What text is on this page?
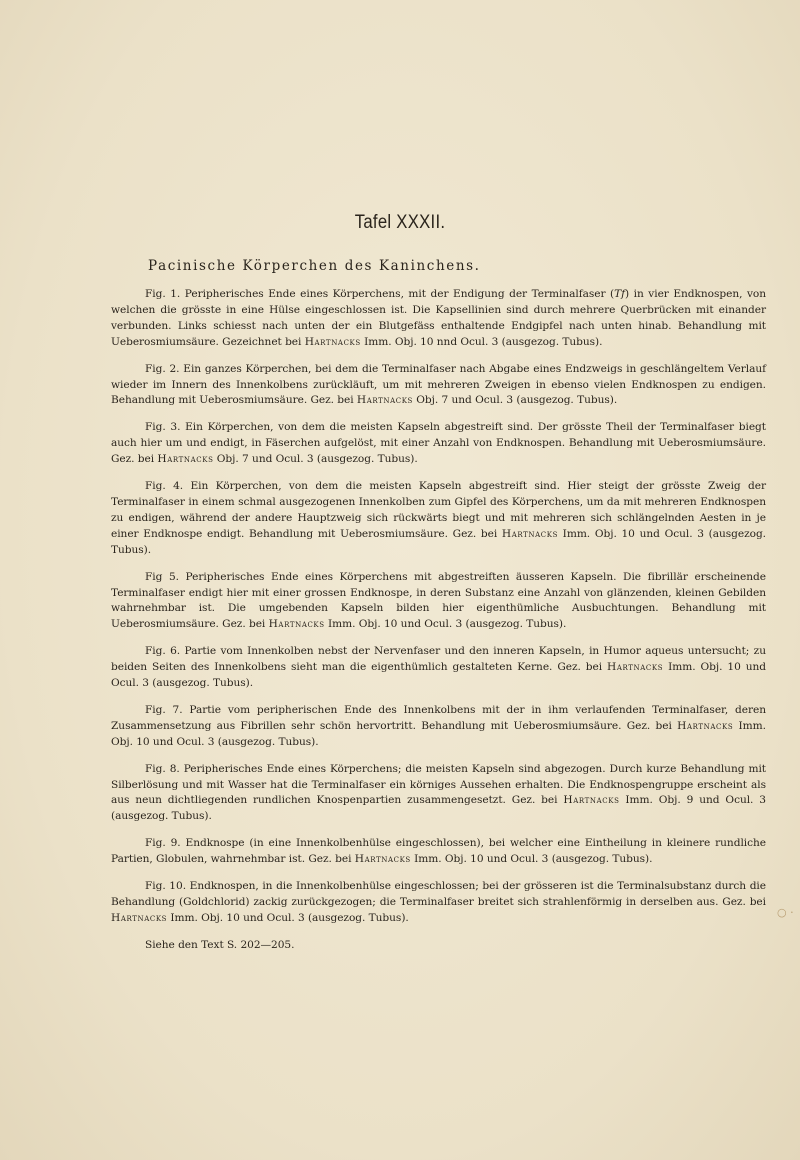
Tafel XXXII.
Pacinische Körperchen des Kaninchens.

Fig. 1. Peripherisches Ende eines Körperchens, mit der Endigung der Terminalfaser (Tf) in vier Endknospen, von welchen die grösste in eine Hülse eingeschlossen ist. Die Kapsellinien sind durch mehrere Querbrücken mit einander verbunden. Links schiesst nach unten der ein Blutgefäss enthaltende Endgipfel nach unten hinab. Behandlung mit Ueberosmiumsäure. Gezeichnet bei Hartnacks Imm. Obj. 10 nnd Ocul. 3 (ausgezog. Tubus).

Fig. 2. Ein ganzes Körperchen, bei dem die Terminalfaser nach Abgabe eines Endzweigs in geschlängeltem Verlauf wieder im Innern des Innenkolbens zurückläuft, um mit mehreren Zweigen in ebenso vielen Endknospen zu endigen. Behandlung mit Ueberosmiumsäure. Gez. bei Hartnacks Obj. 7 und Ocul. 3 (ausgezog. Tubus).

Fig. 3. Ein Körperchen, von dem die meisten Kapseln abgestreift sind. Der grösste Theil der Terminalfaser biegt auch hier um und endigt, in Fäserchen aufgelöst, mit einer Anzahl von Endknospen. Behandlung mit Ueberosmiumsäure. Gez. bei Hartnacks Obj. 7 und Ocul. 3 (ausgezog. Tubus).

Fig. 4. Ein Körperchen, von dem die meisten Kapseln abgestreift sind. Hier steigt der grösste Zweig der Terminalfaser in einem schmal ausgezogenen Innenkolben zum Gipfel des Körperchens, um da mit mehreren Endknospen zu endigen, während der andere Hauptzweig sich rückwärts biegt und mit mehreren sich schlängelnden Aesten in je einer Endknospe endigt. Behandlung mit Ueberosmiumsäure. Gez. bei Hartnacks Imm. Obj. 10 und Ocul. 3 (ausgezog. Tubus).

Fig 5. Peripherisches Ende eines Körperchens mit abgestreiften äusseren Kapseln. Die fibrillär erscheinende Terminalfaser endigt hier mit einer grossen Endknospe, in deren Substanz eine Anzahl von glänzenden, kleinen Gebilden wahrnehmbar ist. Die umgebenden Kapseln bilden hier eigenthümliche Ausbuchtungen. Behandlung mit Ueberosmiumsäure. Gez. bei Hartnacks Imm. Obj. 10 und Ocul. 3 (ausgezog. Tubus).

Fig. 6. Partie vom Innenkolben nebst der Nervenfaser und den inneren Kapseln, in Humor aqueus untersucht; zu beiden Seiten des Innenkolbens sieht man die eigenthümlich gestalteten Kerne. Gez. bei Hartnacks Imm. Obj. 10 und Ocul. 3 (ausgezog. Tubus).

Fig. 7. Partie vom peripherischen Ende des Innenkolbens mit der in ihm verlaufenden Terminalfaser, deren Zusammensetzung aus Fibrillen sehr schön hervortritt. Behandlung mit Ueberosmiumsäure. Gez. bei Hartnacks Imm. Obj. 10 und Ocul. 3 (ausgezog. Tubus).

Fig. 8. Peripherisches Ende eines Körperchens; die meisten Kapseln sind abgezogen. Durch kurze Behandlung mit Silberlösung und mit Wasser hat die Terminalfaser ein körniges Aussehen erhalten. Die Endknospengruppe erscheint als aus neun dichtliegenden rundlichen Knospenpartien zusammengesetzt. Gez. bei Hartnacks Imm. Obj. 9 und Ocul. 3 (ausgezog. Tubus).

Fig. 9. Endknospe (in eine Innenkolbenhülse eingeschlossen), bei welcher eine Eintheilung in kleinere rundliche Partien, Globulen, wahrnehmbar ist. Gez. bei Hartnacks Imm. Obj. 10 und Ocul. 3 (ausgezog. Tubus).

Fig. 10. Endknospen, in die Innenkolbenhülse eingeschlossen; bei der grösseren ist die Terminalsubstanz durch die Behandlung (Goldchlorid) zackig zurückgezogen; die Terminalfaser breitet sich strahlenförmig in derselben aus. Gez. bei Hartnacks Imm. Obj. 10 und Ocul. 3 (ausgezog. Tubus).

Siehe den Text S. 202—205.

○ ·
